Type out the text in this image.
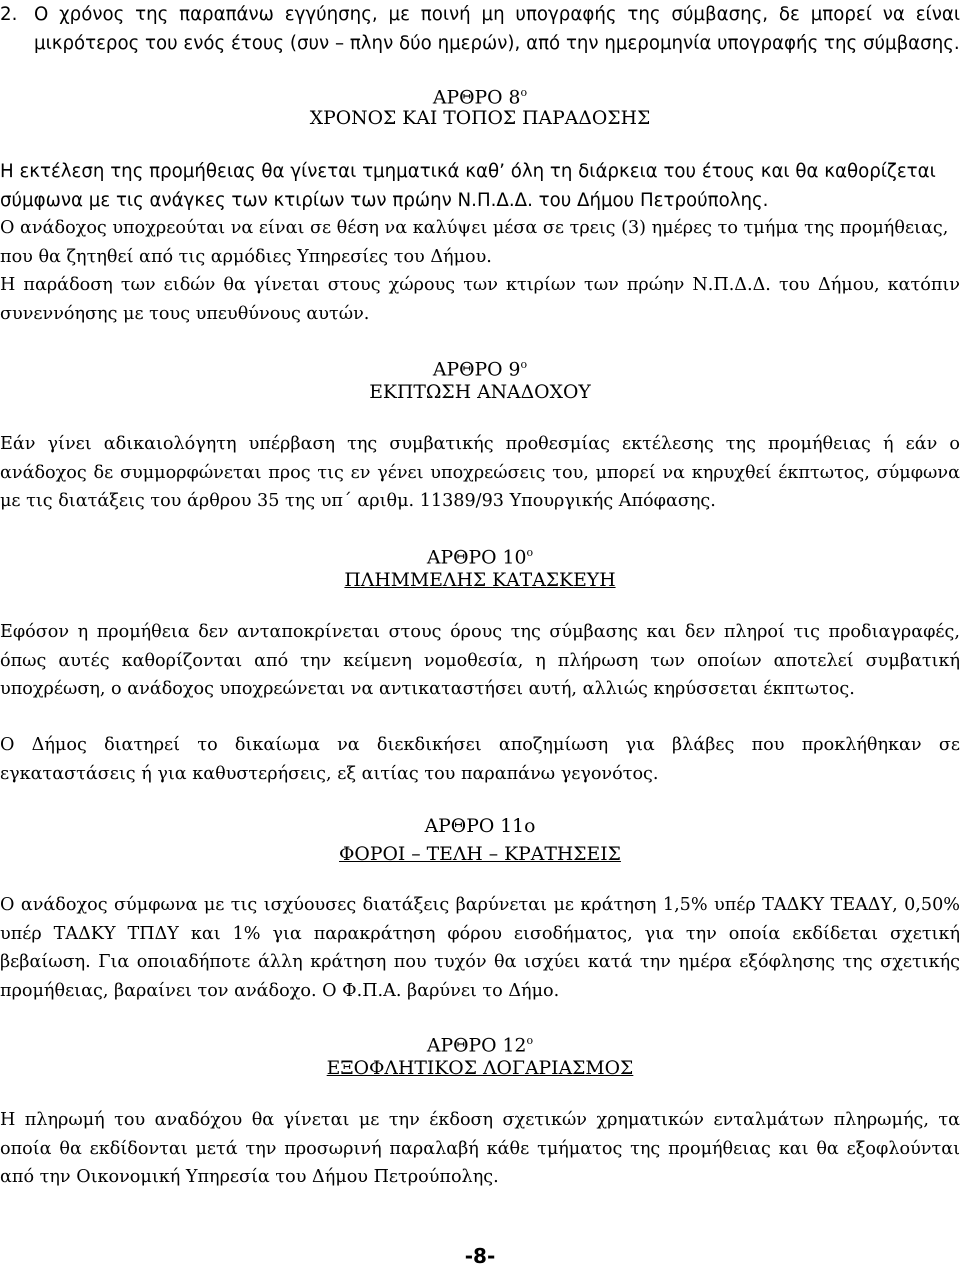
2. Ο χρόνος της παραπάνω εγγύησης, με ποινή μη υπογραφής της σύμβασης, δε μπορεί να είναι μικρότερος του ενός έτους (συν – πλην δύο ημερών), από την ημερομηνία υπογραφής της σύμβασης.
ΑΡΘΡΟ $8^o$
ΧΡΟΝΟΣ ΚΑΙ ΤΟΠΟΣ ΠΑΡΑΔΟΣΗΣ
Η εκτέλεση της προμήθειας θα γίνεται τμηματικά καθ’ όλη τη διάρκεια του έτους και θα καθορίζεται σύμφωνα με τις ανάγκες των κτιρίων των πρώην Ν.Π.Δ.Δ. του Δήμου Πετρούπολης.
Ο ανάδοχος υποχρεούται να είναι σε θέση να καλύψει μέσα σε τρεις (3) ημέρες το τμήμα της προμήθειας, που θα ζητηθεί από τις αρμόδιες Υπηρεσίες του Δήμου.
Η παράδοση των ειδών θα γίνεται στους χώρους των κτιρίων των πρώην Ν.Π.Δ.Δ. του Δήμου, κατόπιν συνεννόησης με τους υπευθύνους αυτών.
ΑΡΘΡΟ $9^o$
ΕΚΠΤΩΣΗ ΑΝΑΔΟΧΟΥ
Εάν γίνει αδικαιολόγητη υπέρβαση της συμβατικής προθεσμίας εκτέλεσης της προμήθειας ή εάν ο ανάδοχος δε συμμορφώνεται προς τις εν γένει υποχρεώσεις του, μπορεί να κηρυχθεί έκπτωτος, σύμφωνα με τις διατάξεις του άρθρου 35 της υπ΄ αριθμ. 11389/93 Υπουργικής Απόφασης.
ΑΡΘΡΟ $10^o$
ΠΛΗΜΜΕΛΗΣ ΚΑΤΑΣΚΕΥΗ
Εφόσον η προμήθεια δεν ανταποκρίνεται στους όρους της σύμβασης και δεν πληροί τις προδιαγραφές, όπως αυτές καθορίζονται από την κείμενη νομοθεσία, η πλήρωση των οποίων αποτελεί συμβατική υποχρέωση, ο ανάδοχος υποχρεώνεται να αντικαταστήσει αυτή, αλλιώς κηρύσσεται έκπτωτος.
Ο Δήμος διατηρεί το δικαίωμα να διεκδικήσει αποζημίωση για βλάβες που προκλήθηκαν σε εγκαταστάσεις ή για καθυστερήσεις, εξ αιτίας του παραπάνω γεγονότος.
ΑΡΘΡΟ 11ο
ΦΟΡΟΙ – ΤΕΛΗ – ΚΡΑΤΗΣΕΙΣ
Ο ανάδοχος σύμφωνα με τις ισχύουσες διατάξεις βαρύνεται με κράτηση 1,5% υπέρ ΤΑΔΚΥ ΤΕΑΔΥ, 0,50% υπέρ ΤΑΔΚΥ ΤΠΔΥ και 1% για παρακράτηση φόρου εισοδήματος, για την οποία εκδίδεται σχετική βεβαίωση. Για οποιαδήποτε άλλη κράτηση που τυχόν θα ισχύει κατά την ημέρα εξόφλησης της σχετικής προμήθειας, βαραίνει τον ανάδοχο. Ο Φ.Π.Α. βαρύνει το Δήμο.
ΑΡΘΡΟ $12^o$
ΕΞΟΦΛΗΤΙΚΟΣ ΛΟΓΑΡΙΑΣΜΟΣ
Η πληρωμή του αναδόχου θα γίνεται με την έκδοση σχετικών χρηματικών ενταλμάτων πληρωμής, τα οποία θα εκδίδονται μετά την προσωρινή παραλαβή κάθε τμήματος της προμήθειας και θα εξοφλούνται από την Οικονομική Υπηρεσία του Δήμου Πετρούπολης.
-8-
